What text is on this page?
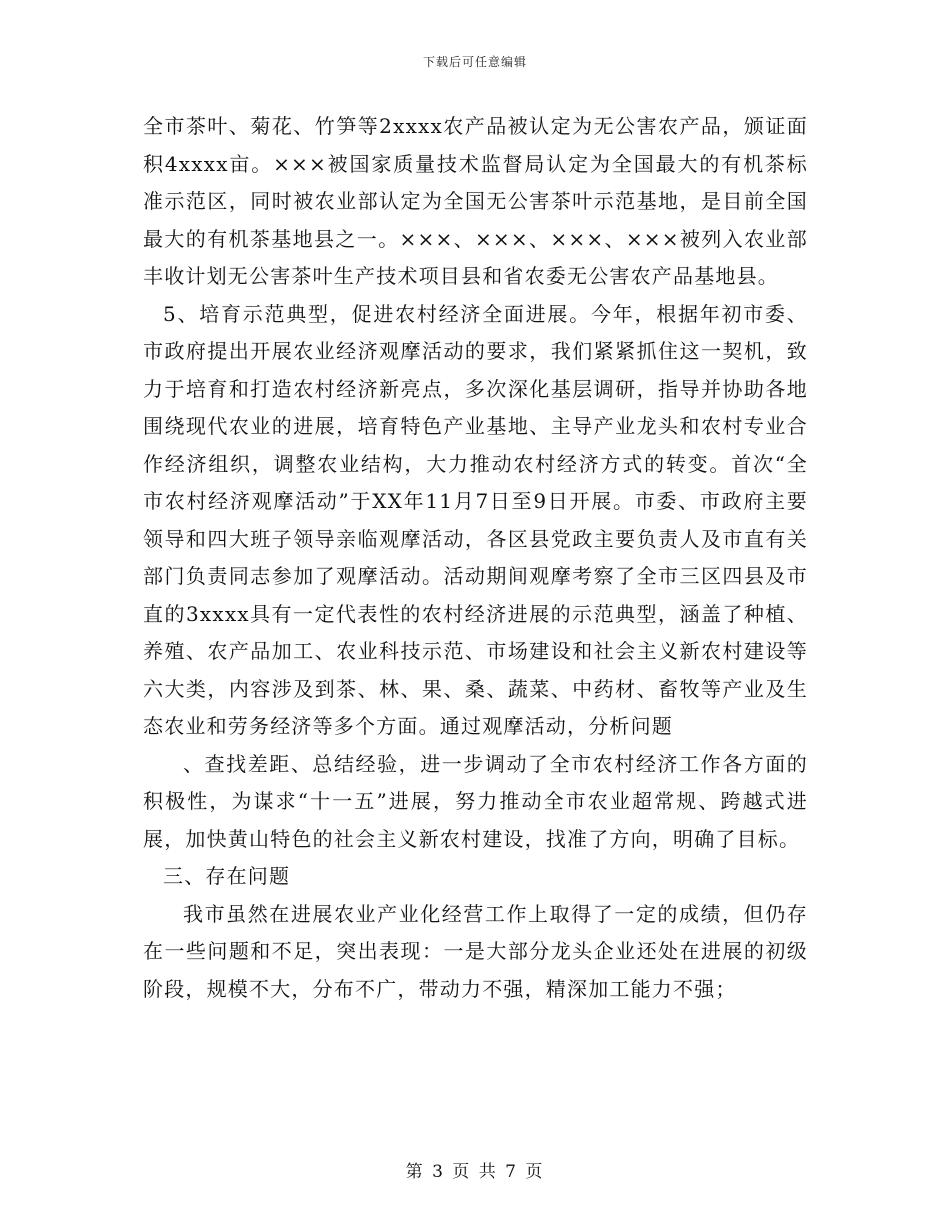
下载后可任意编辑

全市茶叶、菊花、竹笋等2xxxx农产品被认定为无公害农产品，颁证面积4xxxx亩。×××被国家质量技术监督局认定为全国最大的有机茶标准示范区，同时被农业部认定为全国无公害茶叶示范基地，是目前全国最大的有机茶基地县之一。×××、×××、×××、×××被列入农业部丰收计划无公害茶叶生产技术项目县和省农委无公害农产品基地县。

5、培育示范典型，促进农村经济全面进展。今年，根据年初市委、市政府提出开展农业经济观摩活动的要求，我们紧紧抓住这一契机，致力于培育和打造农村经济新亮点，多次深化基层调研，指导并协助各地围绕现代农业的进展，培育特色产业基地、主导产业龙头和农村专业合作经济组织，调整农业结构，大力推动农村经济方式的转变。首次“全市农村经济观摩活动”于XX年11月7日至9日开展。市委、市政府主要领导和四大班子领导亲临观摩活动，各区县党政主要负责人及市直有关部门负责同志参加了观摩活动。活动期间观摩考察了全市三区四县及市直的3xxxx具有一定代表性的农村经济进展的示范典型，涵盖了种植、养殖、农产品加工、农业科技示范、市场建设和社会主义新农村建设等六大类，内容涉及到茶、林、果、桑、蔬菜、中药材、畜牧等产业及生态农业和劳务经济等多个方面。通过观摩活动，分析问题

、查找差距、总结经验，进一步调动了全市农村经济工作各方面的积极性，为谋求“十一五”进展，努力推动全市农业超常规、跨越式进展，加快黄山特色的社会主义新农村建设，找准了方向，明确了目标。

三、存在问题

我市虽然在进展农业产业化经营工作上取得了一定的成绩，但仍存在一些问题和不足，突出表现：一是大部分龙头企业还处在进展的初级阶段，规模不大，分布不广，带动力不强，精深加工能力不强；

第 3 页 共 7 页
